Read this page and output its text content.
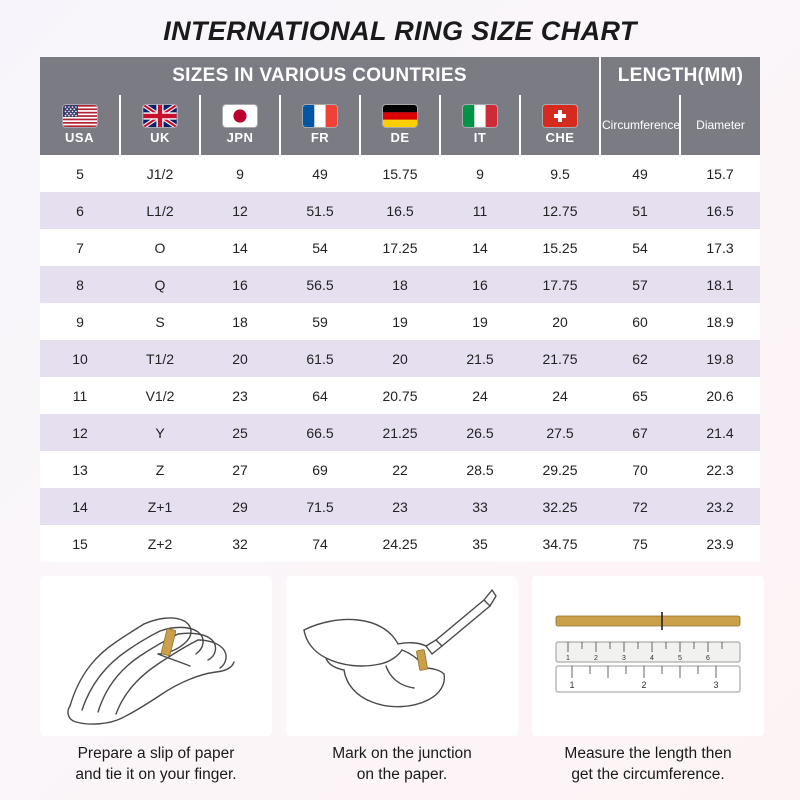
INTERNATIONAL RING SIZE CHART
SIZES IN VARIOUS COUNTRIES							LENGTH(MM)	

USA	UK	JPN	FR	DE	IT	CHE	Circumference	Diameter
5	J1/2	9	49	15.75	9	9.5	49	15.7
6	L1/2	12	51.5	16.5	11	12.75	51	16.5
7	O	14	54	17.25	14	15.25	54	17.3
8	Q	16	56.5	18	16	17.75	57	18.1
9	S	18	59	19	19	20	60	18.9
10	T1/2	20	61.5	20	21.5	21.75	62	19.8
11	V1/2	23	64	20.75	24	24	65	20.6
12	Y	25	66.5	21.25	26.5	27.5	67	21.4
13	Z	27	69	22	28.5	29.25	70	22.3
14	Z+1	29	71.5	23	33	32.25	72	23.2
15	Z+2	32	74	24.25	35	34.75	75	23.9
Prepare a slip of paper
and tie it on your finger.
Mark on the junction
on the paper.
1	2	3	4	5	6
1	2	3
Measure the length then
get the circumference.
